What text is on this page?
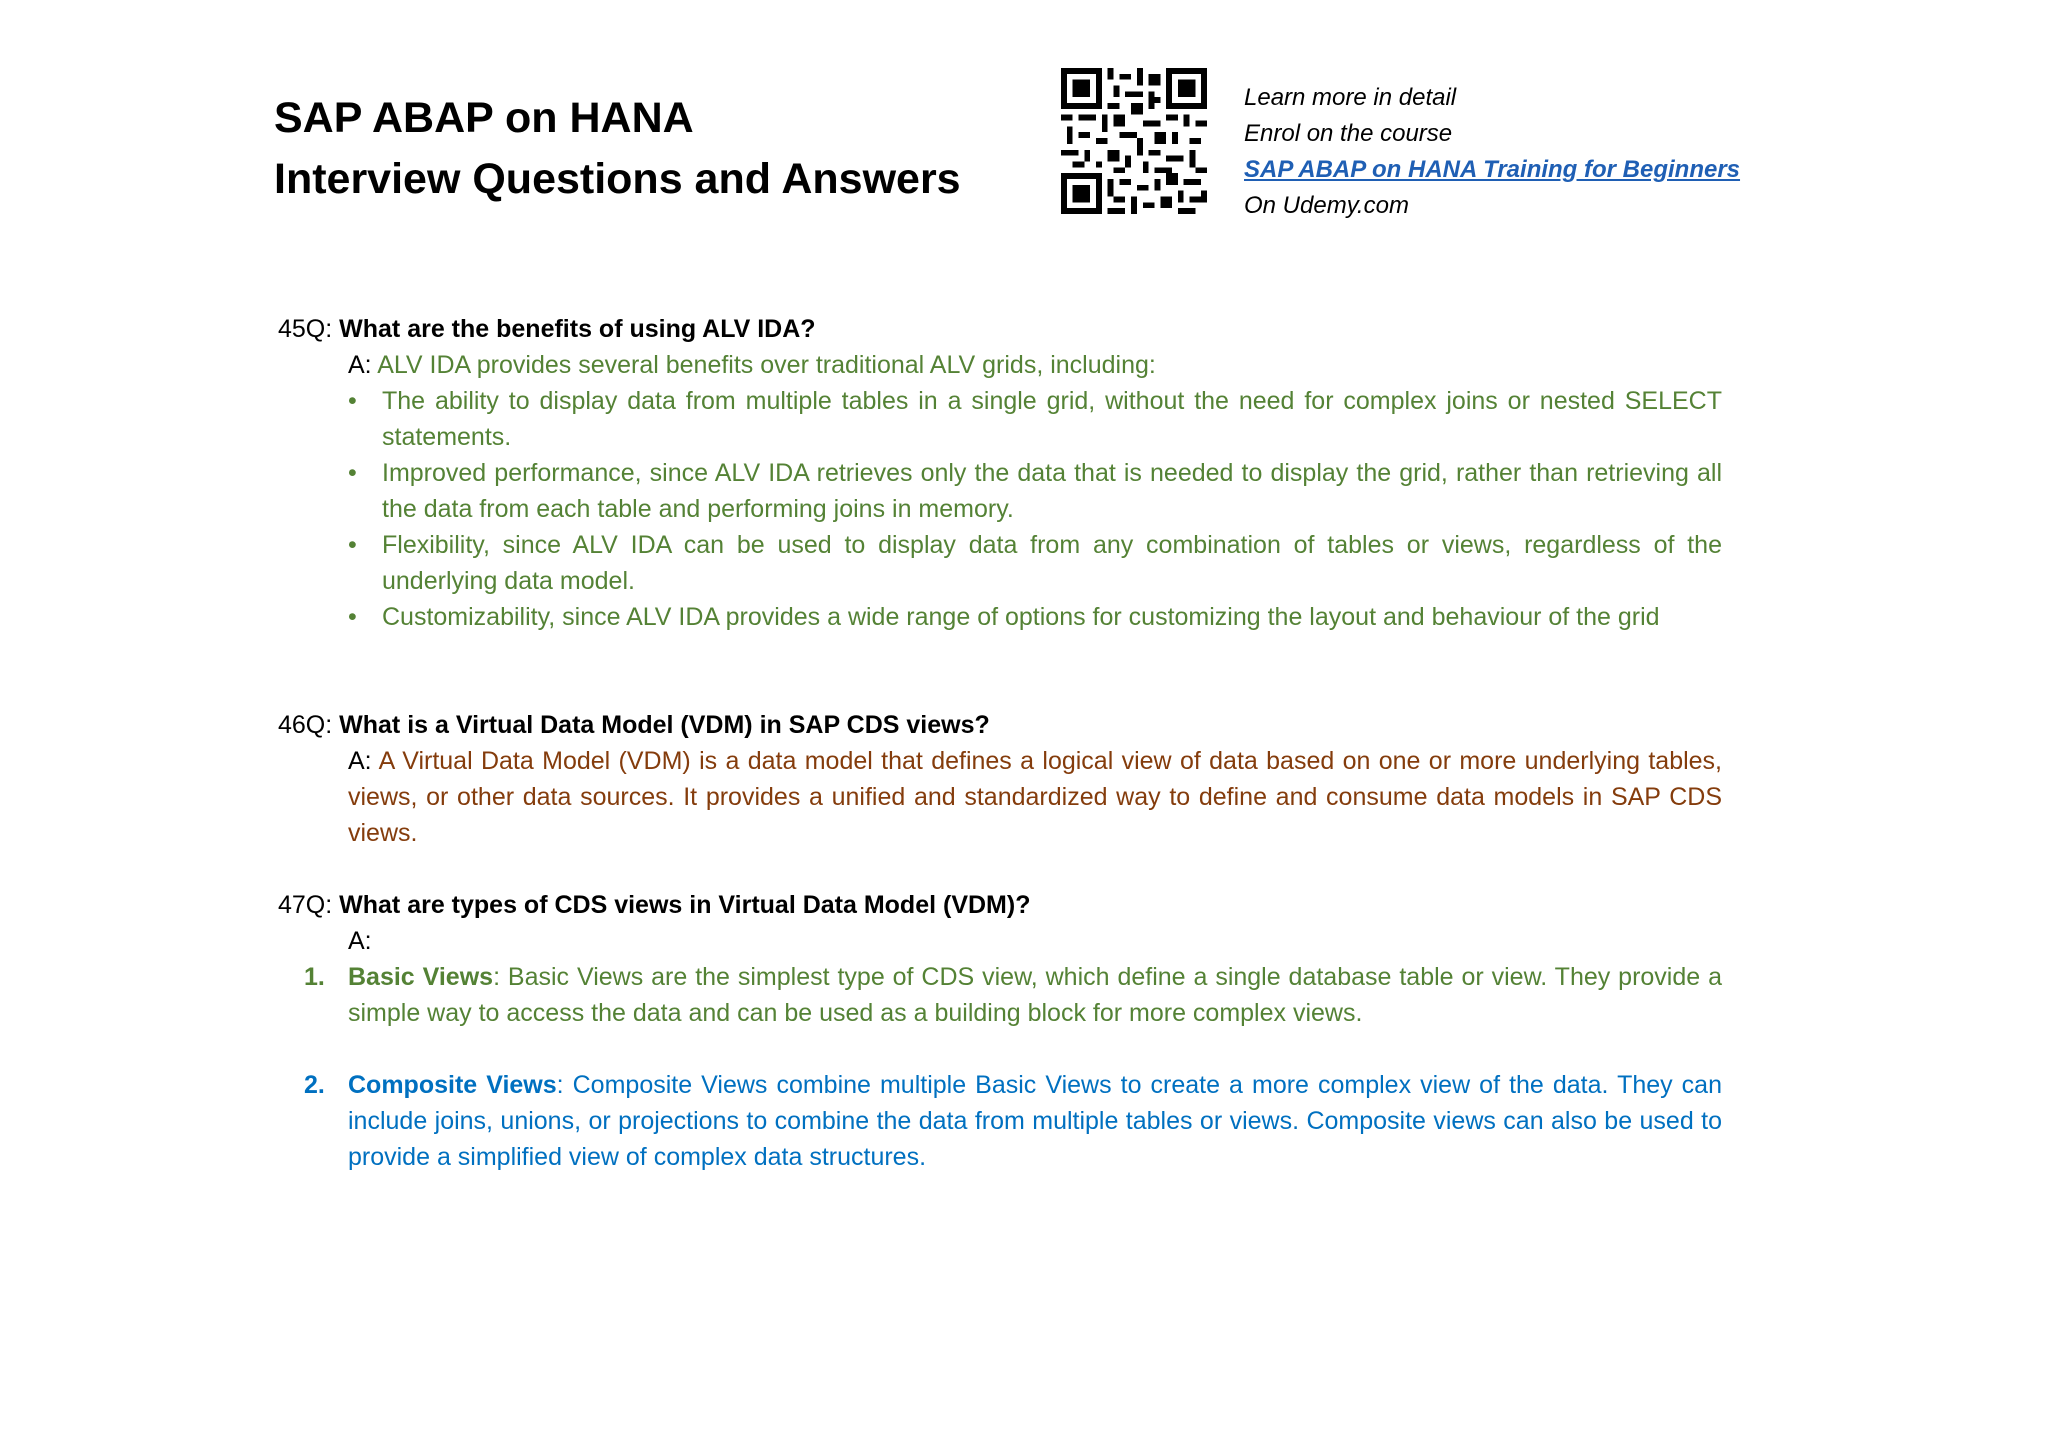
SAP ABAP on HANA
Interview Questions and Answers
Learn more in detail
Enrol on the course
SAP ABAP on HANA Training for Beginners
On Udemy.com

45Q: What are the benefits of using ALV IDA?

A: ALV IDA provides several benefits over traditional ALV grids, including:

• The ability to display data from multiple tables in a single grid, without the need for complex joins or nested SELECT statements.
• Improved performance, since ALV IDA retrieves only the data that is needed to display the grid, rather than retrieving all the data from each table and performing joins in memory.
• Flexibility, since ALV IDA can be used to display data from any combination of tables or views, regardless of the underlying data model.
• Customizability, since ALV IDA provides a wide range of options for customizing the layout and behaviour of the grid

46Q: What is a Virtual Data Model (VDM) in SAP CDS views?

A: A Virtual Data Model (VDM) is a data model that defines a logical view of data based on one or more underlying tables, views, or other data sources. It provides a unified and standardized way to define and consume data models in SAP CDS views.

47Q: What are types of CDS views in Virtual Data Model (VDM)?

A:

1. Basic Views: Basic Views are the simplest type of CDS view, which define a single database table or view. They provide a simple way to access the data and can be used as a building block for more complex views.
2. Composite Views: Composite Views combine multiple Basic Views to create a more complex view of the data. They can include joins, unions, or projections to combine the data from multiple tables or views. Composite views can also be used to provide a simplified view of complex data structures.
